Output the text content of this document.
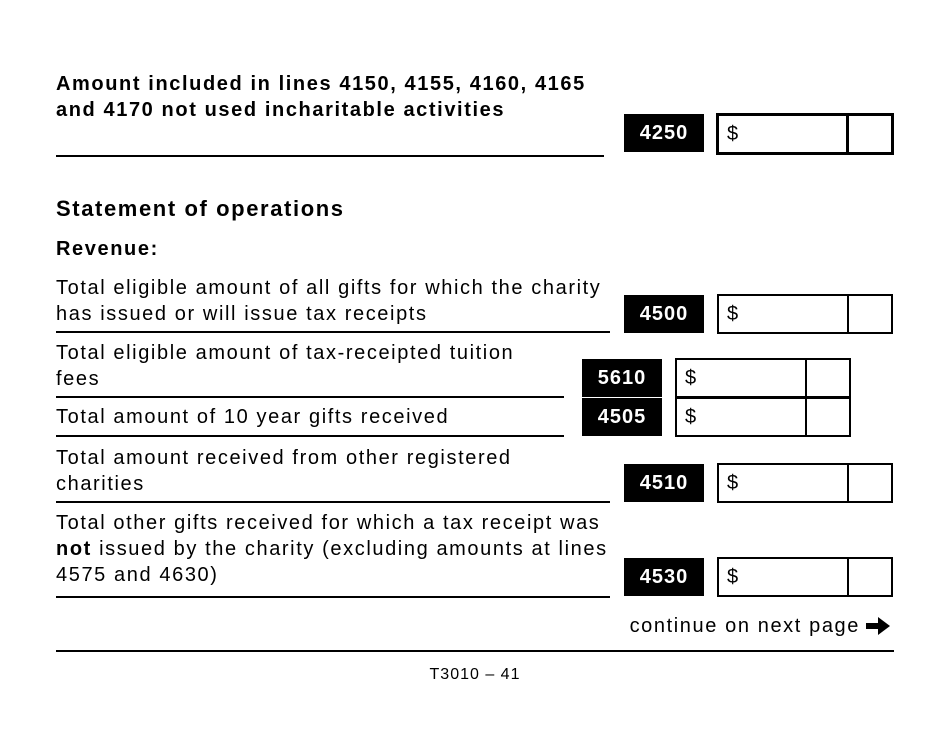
Amount included in lines 4150, 4155, 4160, 4165 and 4170 not used incharitable activities
4250	$
Statement of operations
Revenue:
Total eligible amount of all gifts for which the charity has issued or will issue tax receipts	4500	$
Total eligible amount of tax-receipted tuition fees	5610	$
Total amount of 10 year gifts received	4505	$
Total amount received from other registered charities	4510	$
Total other gifts received for which a tax receipt was not issued by the charity (excluding amounts at lines 4575 and 4630)	4530	$
continue on next page
T3010 – 41
